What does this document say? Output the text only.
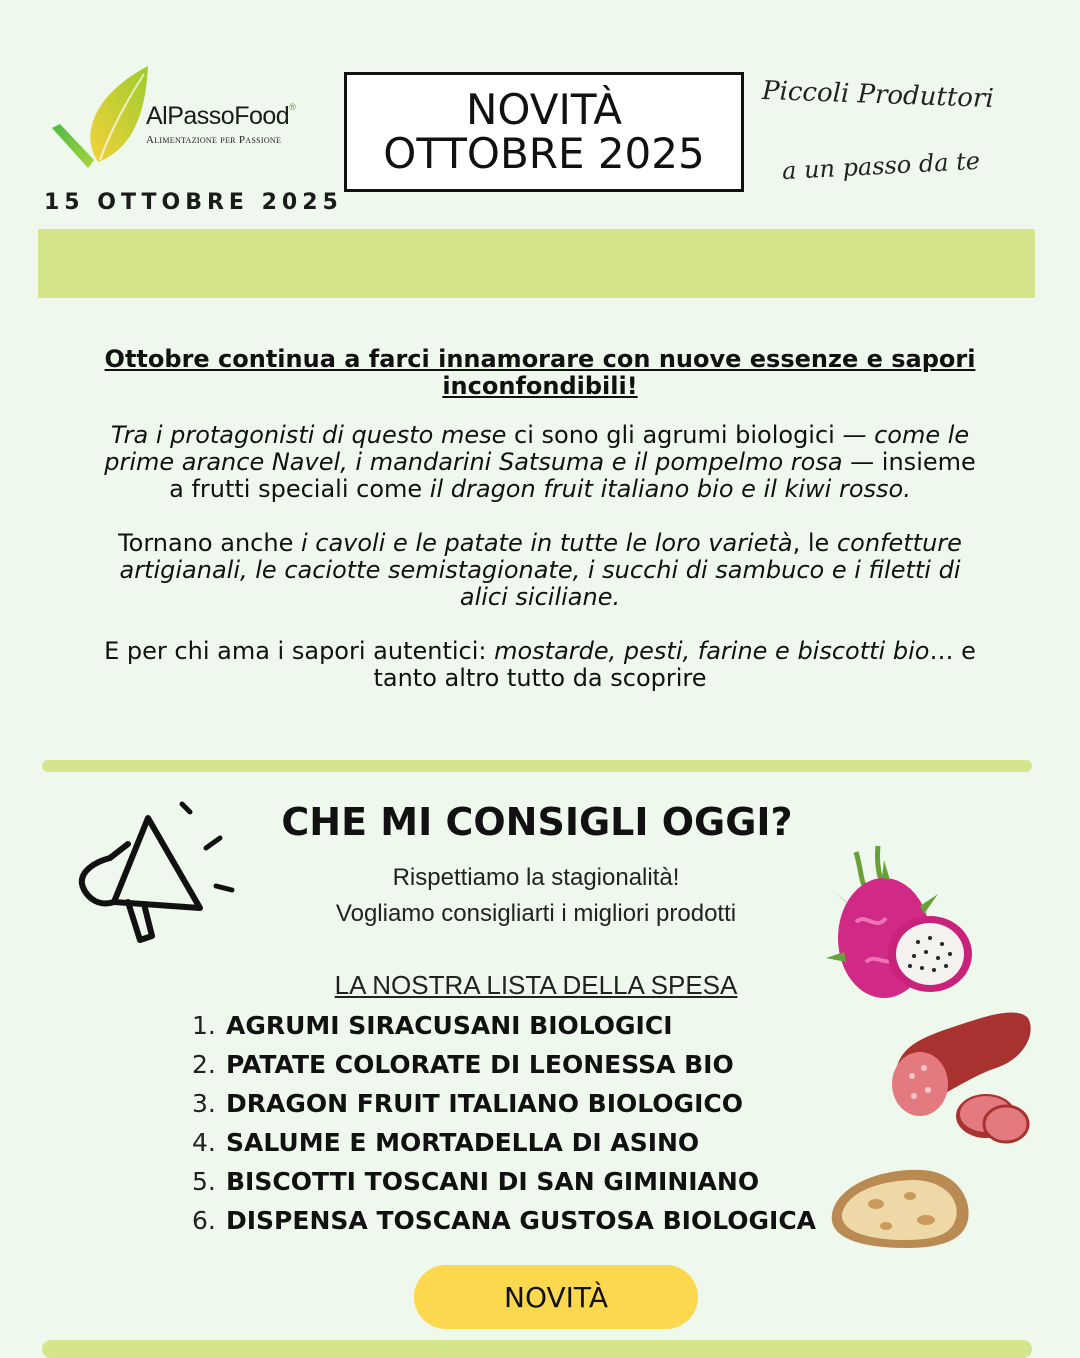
AlPassoFood®
Alimentazione per Passione
15 OTTOBRE 2025
NOVITÀ
OTTOBRE 2025
Piccoli Produttori
a un passo da te
Ottobre continua a farci innamorare con nuove essenze e sapori inconfondibili!

Tra i protagonisti di questo mese ci sono gli agrumi biologici — come le prime arance Navel, i mandarini Satsuma e il pompelmo rosa — insieme a frutti speciali come il dragon fruit italiano bio e il kiwi rosso.

Tornano anche i cavoli e le patate in tutte le loro varietà, le confetture artigianali, le caciotte semistagionate, i succhi di sambuco e i filetti di alici siciliane.

E per chi ama i sapori autentici: mostarde, pesti, farine e biscotti bio… e tanto altro tutto da scoprire

CHE MI CONSIGLI OGGI?
Rispettiamo la stagionalità!
Vogliamo consigliarti i migliori prodotti
LA NOSTRA LISTA DELLA SPESA
1. AGRUMI SIRACUSANI BIOLOGICI
2. PATATE COLORATE DI LEONESSA BIO
3. DRAGON FRUIT ITALIANO BIOLOGICO
4. SALUME E MORTADELLA DI ASINO
5. BISCOTTI TOSCANI DI SAN GIMINIANO
6. DISPENSA TOSCANA GUSTOSA BIOLOGICA
NOVITÀ
